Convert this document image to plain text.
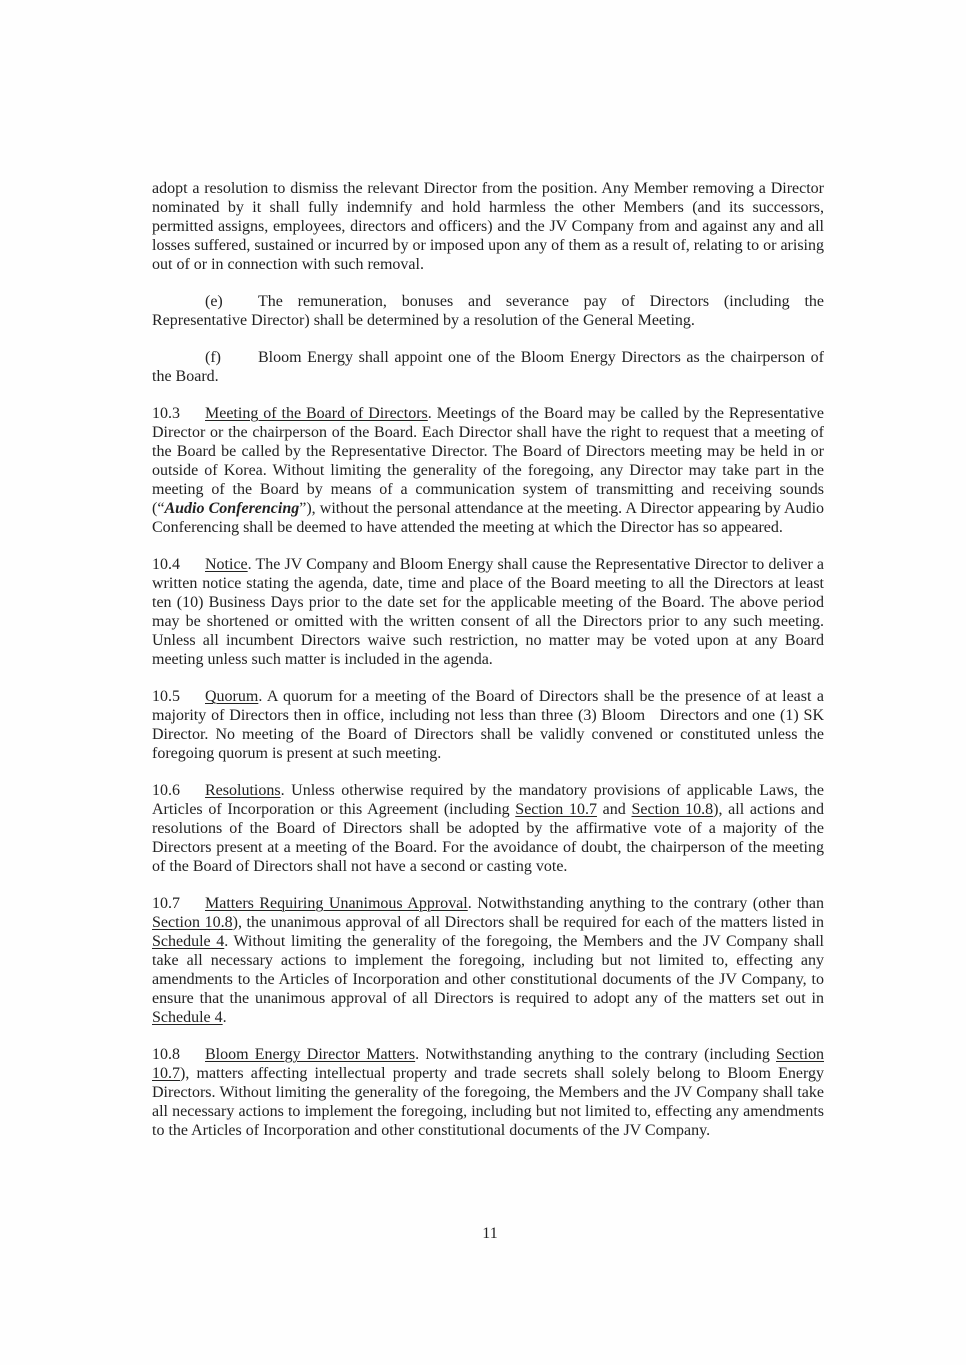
adopt a resolution to dismiss the relevant Director from the position. Any Member removing a Director nominated by it shall fully indemnify and hold harmless the other Members (and its successors, permitted assigns, employees, directors and officers) and the JV Company from and against any and all losses suffered, sustained or incurred by or imposed upon any of them as a result of, relating to or arising out of or in connection with such removal.

(e) The remuneration, bonuses and severance pay of Directors (including the Representative Director) shall be determined by a resolution of the General Meeting.

(f) Bloom Energy shall appoint one of the Bloom Energy Directors as the chairperson of the Board.

10.3 Meeting of the Board of Directors. Meetings of the Board may be called by the Representative Director or the chairperson of the Board. Each Director shall have the right to request that a meeting of the Board be called by the Representative Director. The Board of Directors meeting may be held in or outside of Korea. Without limiting the generality of the foregoing, any Director may take part in the meeting of the Board by means of a communication system of transmitting and receiving sounds (“Audio Conferencing”), without the personal attendance at the meeting. A Director appearing by Audio Conferencing shall be deemed to have attended the meeting at which the Director has so appeared.

10.4 Notice. The JV Company and Bloom Energy shall cause the Representative Director to deliver a written notice stating the agenda, date, time and place of the Board meeting to all the Directors at least ten (10) Business Days prior to the date set for the applicable meeting of the Board. The above period may be shortened or omitted with the written consent of all the Directors prior to any such meeting. Unless all incumbent Directors waive such restriction, no matter may be voted upon at any Board meeting unless such matter is included in the agenda.

10.5 Quorum. A quorum for a meeting of the Board of Directors shall be the presence of at least a majority of Directors then in office, including not less than three (3) Bloom   Directors and one (1) SK Director. No meeting of the Board of Directors shall be validly convened or constituted unless the foregoing quorum is present at such meeting.

10.6 Resolutions. Unless otherwise required by the mandatory provisions of applicable Laws, the Articles of Incorporation or this Agreement (including Section 10.7 and Section 10.8), all actions and resolutions of the Board of Directors shall be adopted by the affirmative vote of a majority of the Directors present at a meeting of the Board. For the avoidance of doubt, the chairperson of the meeting of the Board of Directors shall not have a second or casting vote.

10.7 Matters Requiring Unanimous Approval. Notwithstanding anything to the contrary (other than Section 10.8), the unanimous approval of all Directors shall be required for each of the matters listed in Schedule 4. Without limiting the generality of the foregoing, the Members and the JV Company shall take all necessary actions to implement the foregoing, including but not limited to, effecting any amendments to the Articles of Incorporation and other constitutional documents of the JV Company, to ensure that the unanimous approval of all Directors is required to adopt any of the matters set out in Schedule 4.

10.8 Bloom Energy Director Matters. Notwithstanding anything to the contrary (including Section 10.7), matters affecting intellectual property and trade secrets shall solely belong to Bloom Energy Directors. Without limiting the generality of the foregoing, the Members and the JV Company shall take all necessary actions to implement the foregoing, including but not limited to, effecting any amendments to the Articles of Incorporation and other constitutional documents of the JV Company.

11
